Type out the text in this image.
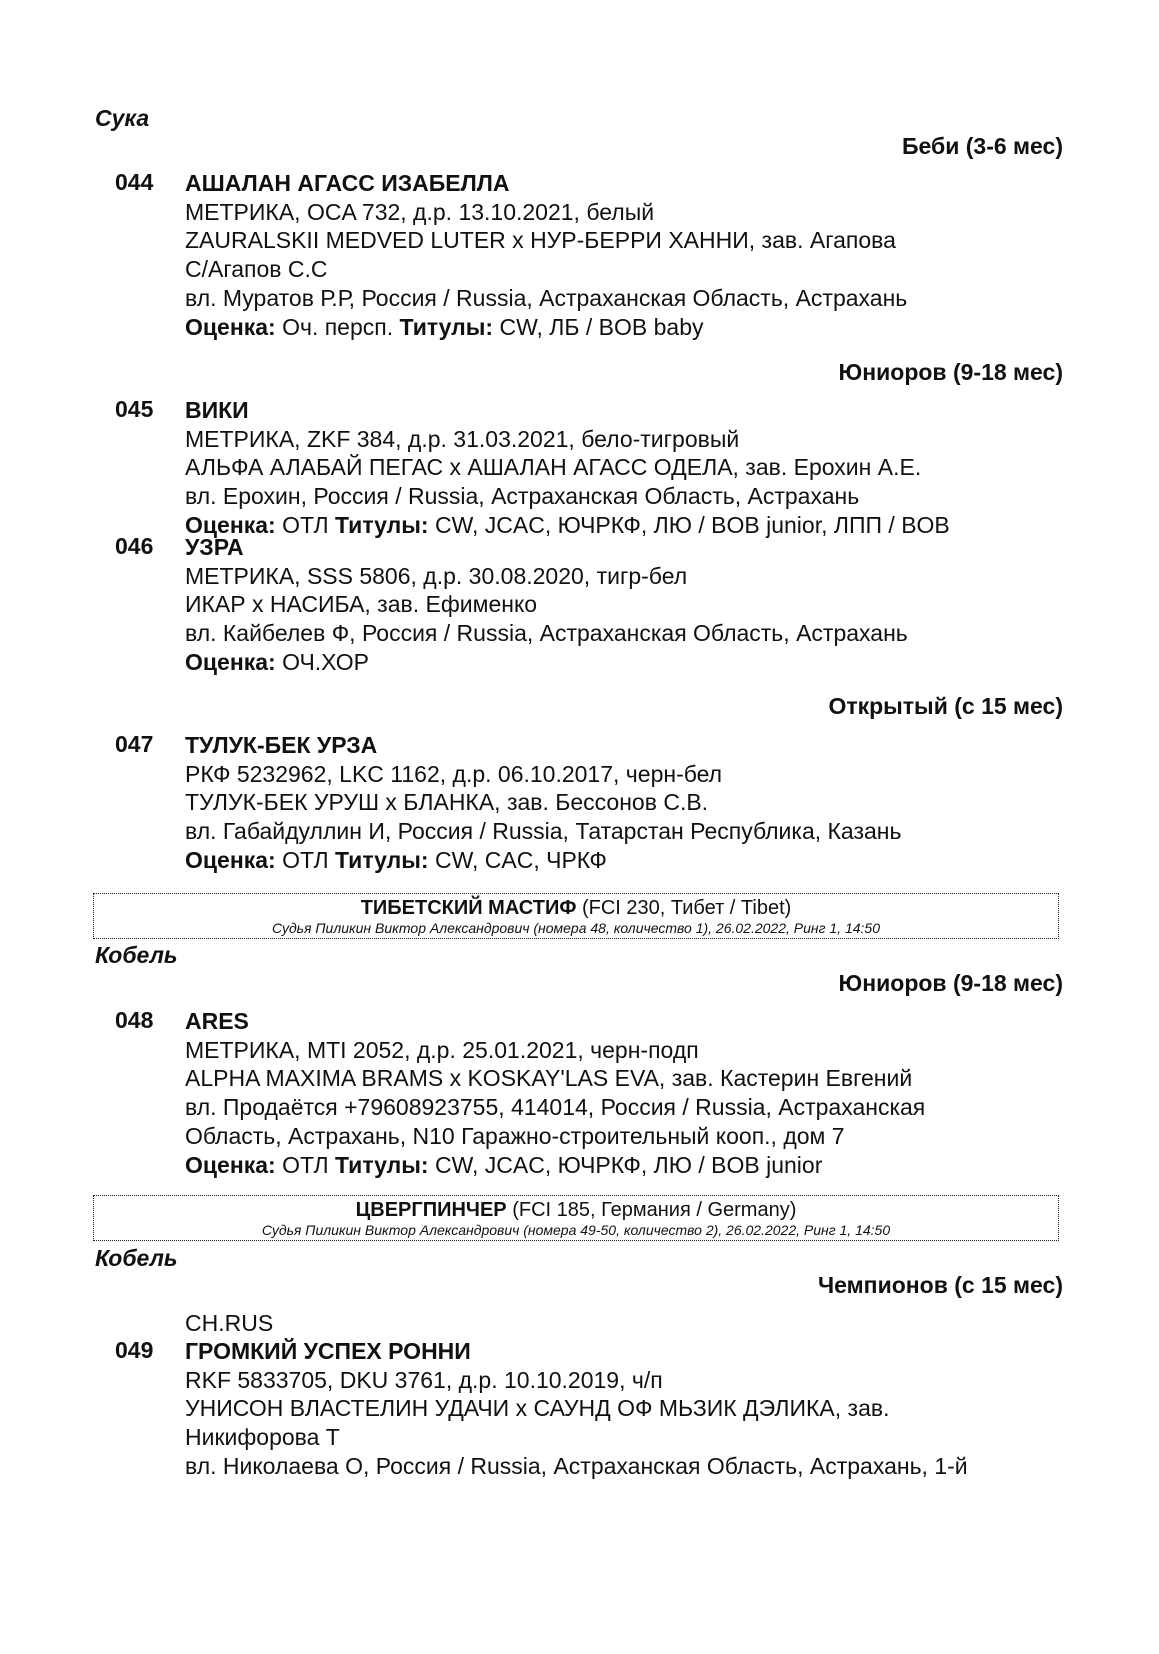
Сука
Беби (3-6 мес)
044 АШАЛАН АГАСС ИЗАБЕЛЛА
МЕТРИКА, OCA 732, д.р. 13.10.2021, белый
ZAURALSKII MEDVED LUTER x НУР-БЕРРИ ХАННИ, зав. Агапова
С/Агапов С.С
вл. Муратов Р.Р, Россия / Russia, Астраханская Область, Астрахань
Оценка: Оч. персп. Титулы: CW, ЛБ / BOB baby
Юниоров (9-18 мес)
045 ВИКИ
МЕТРИКА, ZKF 384, д.р. 31.03.2021, бело-тигровый
АЛЬФА АЛАБАЙ ПЕГАС x АШАЛАН АГАСС ОДЕЛА, зав. Ерохин А.Е.
вл. Ерохин, Россия / Russia, Астраханская Область, Астрахань
Оценка: ОТЛ Титулы: CW, JCAC, ЮЧРКФ, ЛЮ / BOB junior, ЛПП / BOB
046 УЗРА
МЕТРИКА, SSS 5806, д.р. 30.08.2020, тигр-бел
ИКАР x НАСИБА, зав. Ефименко
вл. Кайбелев Ф, Россия / Russia, Астраханская Область, Астрахань
Оценка: ОЧ.ХОР
Открытый (с 15 мес)
047 ТУЛУК-БЕК УРЗА
РКФ 5232962, LKC 1162, д.р. 06.10.2017, черн-бел
ТУЛУК-БЕК УРУШ x БЛАНКА, зав. Бессонов С.В.
вл. Габайдуллин И, Россия / Russia, Татарстан Республика, Казань
Оценка: ОТЛ Титулы: CW, CAC, ЧРКФ
ТИБЕТСКИЙ МАСТИФ (FCI 230, Тибет / Tibet)
Судья Пиликин Виктор Александрович (номера 48, количество 1), 26.02.2022, Ринг 1, 14:50
Кобель
Юниоров (9-18 мес)
048 ARES
МЕТРИКА, MTI 2052, д.р. 25.01.2021, черн-подп
ALPHA MAXIMA BRAMS x KOSKAY'LAS EVA, зав. Кастерин Евгений
вл. Продаётся +79608923755, 414014, Россия / Russia, Астраханская
Область, Астрахань, N10 Гаражно-строительный кооп., дом 7
Оценка: ОТЛ Титулы: CW, JCAC, ЮЧРКФ, ЛЮ / BOB junior
ЦВЕРГПИНЧЕР (FCI 185, Германия / Germany)
Судья Пиликин Виктор Александрович (номера 49-50, количество 2), 26.02.2022, Ринг 1, 14:50
Кобель
Чемпионов (с 15 мес)
CH.RUS
049 ГРОМКИЙ УСПЕХ РОННИ
RKF 5833705, DKU 3761, д.р. 10.10.2019, ч/п
УНИСОН ВЛАСТЕЛИН УДАЧИ x САУНД ОФ МЬЗИК ДЭЛИКА, зав.
Никифорова Т
вл. Николаева О, Россия / Russia, Астраханская Область, Астрахань, 1-й
